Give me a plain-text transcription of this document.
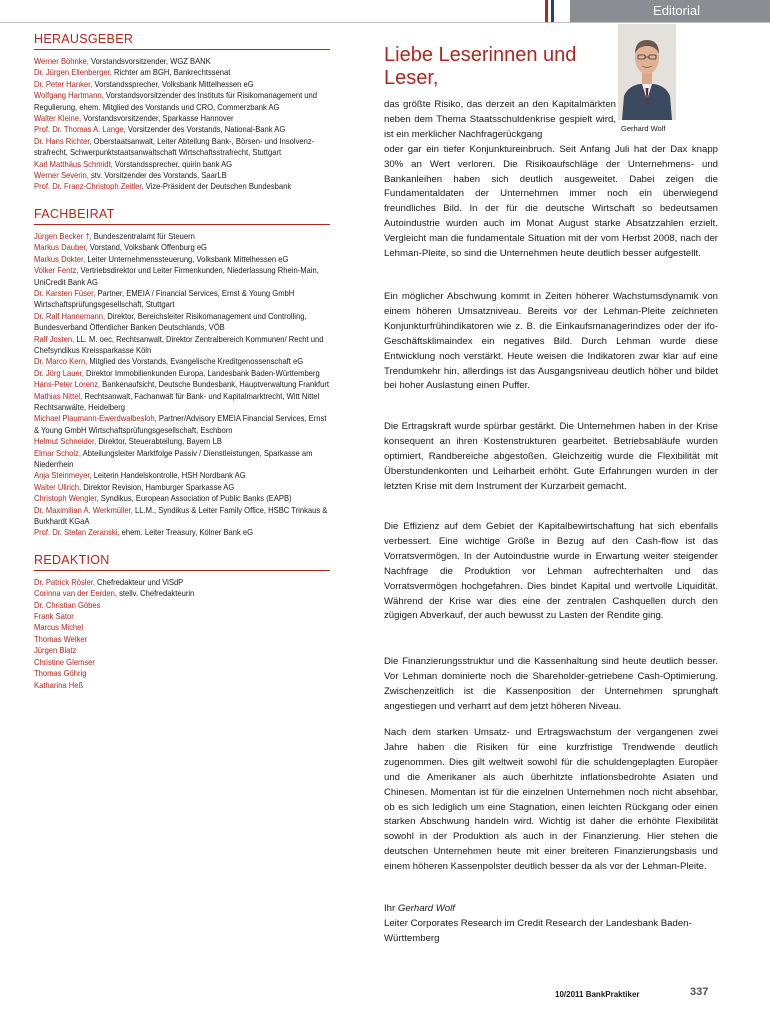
Editorial
HERAUSGEBER
Werner Böhnke, Vorstandsvorsitzender, WGZ BANK
Dr. Jürgen Ellenberger, Richter am BGH, Bankrechtssenat
Dr. Peter Hanker, Vorstandssprecher, Volksbank Mittelhessen eG
Wolfgang Hartmann, Vorstandsvorsitzender des Instituts für Risikomanagement und Regulierung, ehem. Mitglied des Vorstands und CRO, Commerzbank AG
Walter Kleine, Vorstandsvorsitzender, Sparkasse Hannover
Prof. Dr. Thomas A. Lange, Vorsitzender des Vorstands, National-Bank AG
Dr. Hans Richter, Oberstaatsanwalt, Leiter Abteilung Bank-, Börsen- und Insolvenzstrafrecht, Schwerpunktstaatsanwaltschaft Wirtschaftsstrafrecht, Stuttgart
Karl Matthäus Schmidt, Vorstandssprecher, quirin bank AG
Werner Severin, stv. Vorsitzender des Vorstands, SaarLB
Prof. Dr. Franz-Christoph Zeitler, Vize-Präsident der Deutschen Bundesbank
FACHBEIRAT
Jürgen Becker †, Bundeszentralamt für Steuern
Markus Dauber, Vorstand, Volksbank Offenburg eG
Markus Dokter, Leiter Unternehmenssteuerung, Volksbank Mittelhessen eG
Volker Fentz, Vertriebsdirektor und Leiter Firmenkunden, Niederlassung Rhein-Main, UniCredit Bank AG
Dr. Karsten Füser, Partner, EMEIA / Financial Services, Ernst & Young GmbH Wirtschaftsprüfungsgesellschaft, Stuttgart
Dr. Ralf Hannemann, Direktor, Bereichsleiter Risikomanagement und Controlling, Bundesverband Öffentlicher Banken Deutschlands, VÖB
Ralf Josten, LL. M. oec, Rechtsanwalt, Direktor Zentralbereich Kommunen/ Recht und Chefsyndikus Kreissparkasse Köln
Dr. Marco Kern, Mitglied des Vorstands, Evangelische Kreditgenossenschaft eG
Dr. Jörg Lauer, Direktor Immobilienkunden Europa, Landesbank Baden-Württemberg
Hans-Peter Lorenz, Bankenaufsicht, Deutsche Bundesbank, Hauptverwaltung Frankfurt
Mathias Nittel, Rechtsanwalt, Fachanwalt für Bank- und Kapitalmarktrecht, Witt Nittel Rechtsanwälte, Heidelberg
Michael Plaumann-Ewerdwalbesloh, Partner/Advisory EMEIA Financial Services, Ernst & Young GmbH Wirtschaftsprüfungsgesellschaft, Eschborn
Helmut Schneider, Direktor, Steuerabteilung, Bayern LB
Elmar Scholz, Abteilungsleiter Marktfolge Passiv / Dienstleistungen, Sparkasse am Niederrhein
Anja Steinmeyer, Leiterin Handelskontrolle, HSH Nordbank AG
Walter Ullrich, Direktor Revision, Hamburger Sparkasse AG
Christoph Wengler, Syndikus, European Association of Public Banks (EAPB)
Dr. Maximilian A. Werkmüller, LL.M., Syndikus & Leiter Family Office, HSBC Trinkaus & Burkhardt KGaA
Prof. Dr. Stefan Zeranski, ehem. Leiter Treasury, Kölner Bank eG
REDAKTION
Dr. Patrick Rösler, Chefredakteur und ViSdP
Corinna van der Eerden, stellv. Chefredakteurin
Dr. Christian Göbes
Frank Sator
Marcus Michel
Thomas Welker
Jürgen Blatz
Christine Glemser
Thomas Göhrig
Katharina Heß
Liebe Leserinnen und Leser,
Gerhard Wolf

das größte Risiko, das derzeit an den Kapitalmärkten neben dem Thema Staatsschuldenkrise gespielt wird, ist ein merklicher Nachfragerückgang
oder gar ein tiefer Konjunktureinbruch. Seit Anfang Juli hat der Dax knapp 30% an Wert verloren. Die Risikoaufschläge der Unternehmens- und Bankanleihen haben sich deutlich ausgeweitet. Dabei zeigen die Fundamentaldaten der Unternehmen immer noch ein überwiegend freundliches Bild. In der für die deutsche Wirtschaft so bedeutsamen Autoindustrie wurden auch im Monat August starke Absatzzahlen erzielt. Vergleicht man die fundamentale Situation mit der vom Herbst 2008, nach der Lehman-Pleite, so sind die Unternehmen heute deutlich besser aufgestellt.

Ein möglicher Abschwung kommt in Zeiten höherer Wachstumsdynamik von einem höheren Umsatzniveau. Bereits vor der Lehman-Pleite zeichneten Konjunkturfrühindikatoren wie z. B. die Einkaufsmanagerindizes oder der ifo-Geschäftsklimaindex ein negatives Bild. Durch Lehman wurde diese Entwicklung noch verstärkt. Heute weisen die Indikatoren zwar klar auf eine Trendumkehr hin, allerdings ist das Ausgangsniveau deutlich höher und bildet bei hoher Auslastung einen Puffer.

Die Ertragskraft wurde spürbar gestärkt. Die Unternehmen haben in der Krise konsequent an ihren Kostenstrukturen gearbeitet. Betriebsabläufe wurden optimiert, Randbereiche abgestoßen. Gleichzeitig wurde die Flexibilität mit Überstundenkonten und Leiharbeit erhöht. Gute Erfahrungen wurden in der letzten Krise mit dem Instrument der Kurzarbeit gemacht.

Die Effizienz auf dem Gebiet der Kapitalbewirtschaftung hat sich ebenfalls verbessert. Eine wichtige Größe in Bezug auf den Cash-flow ist das Vorratsvermögen. In der Autoindustrie wurde in Erwartung weiter steigender Nachfrage die Produktion vor Lehman aufrechterhalten und das Vorratsvermögen hochgefahren. Dies bindet Kapital und wertvolle Liquidität. Während der Krise war dies eine der zentralen Cashquellen durch den zügigen Abverkauf, der auch bewusst zu Lasten der Rendite ging.

Die Finanzierungsstruktur und die Kassenhaltung sind heute deutlich besser. Vor Lehman dominierte noch die Shareholder-getriebene Cash-Optimierung. Zwischenzeitlich ist die Kassenposition der Unternehmen sprunghaft angestiegen und verharrt auf dem jetzt höheren Niveau.

Nach dem starken Umsatz- und Ertragswachstum der vergangenen zwei Jahre haben die Risiken für eine kurzfristige Trendwende deutlich zugenommen. Dies gilt weltweit sowohl für die schuldengeplagten Europäer und die Amerikaner als auch überhitzte inflationsbedrohte Asiaten und Chinesen. Momentan ist für die einzelnen Unternehmen noch nicht absehbar, ob es sich lediglich um eine Stagnation, einen leichten Rückgang oder einen starken Abschwung handeln wird. Wichtig ist daher die erhöhte Flexibilität sowohl in der Produktion als auch in der Finanzierung. Hier stehen die deutschen Unternehmen heute mit einer breiteren Finanzierungsbasis und einem höheren Kassenpolster deutlich besser da als vor der Lehman-Pleite.

Ihr Gerhard Wolf
Leiter Corporates Research im Credit Research der Landesbank Baden-Württemberg
10/2011 BankPraktiker	337
